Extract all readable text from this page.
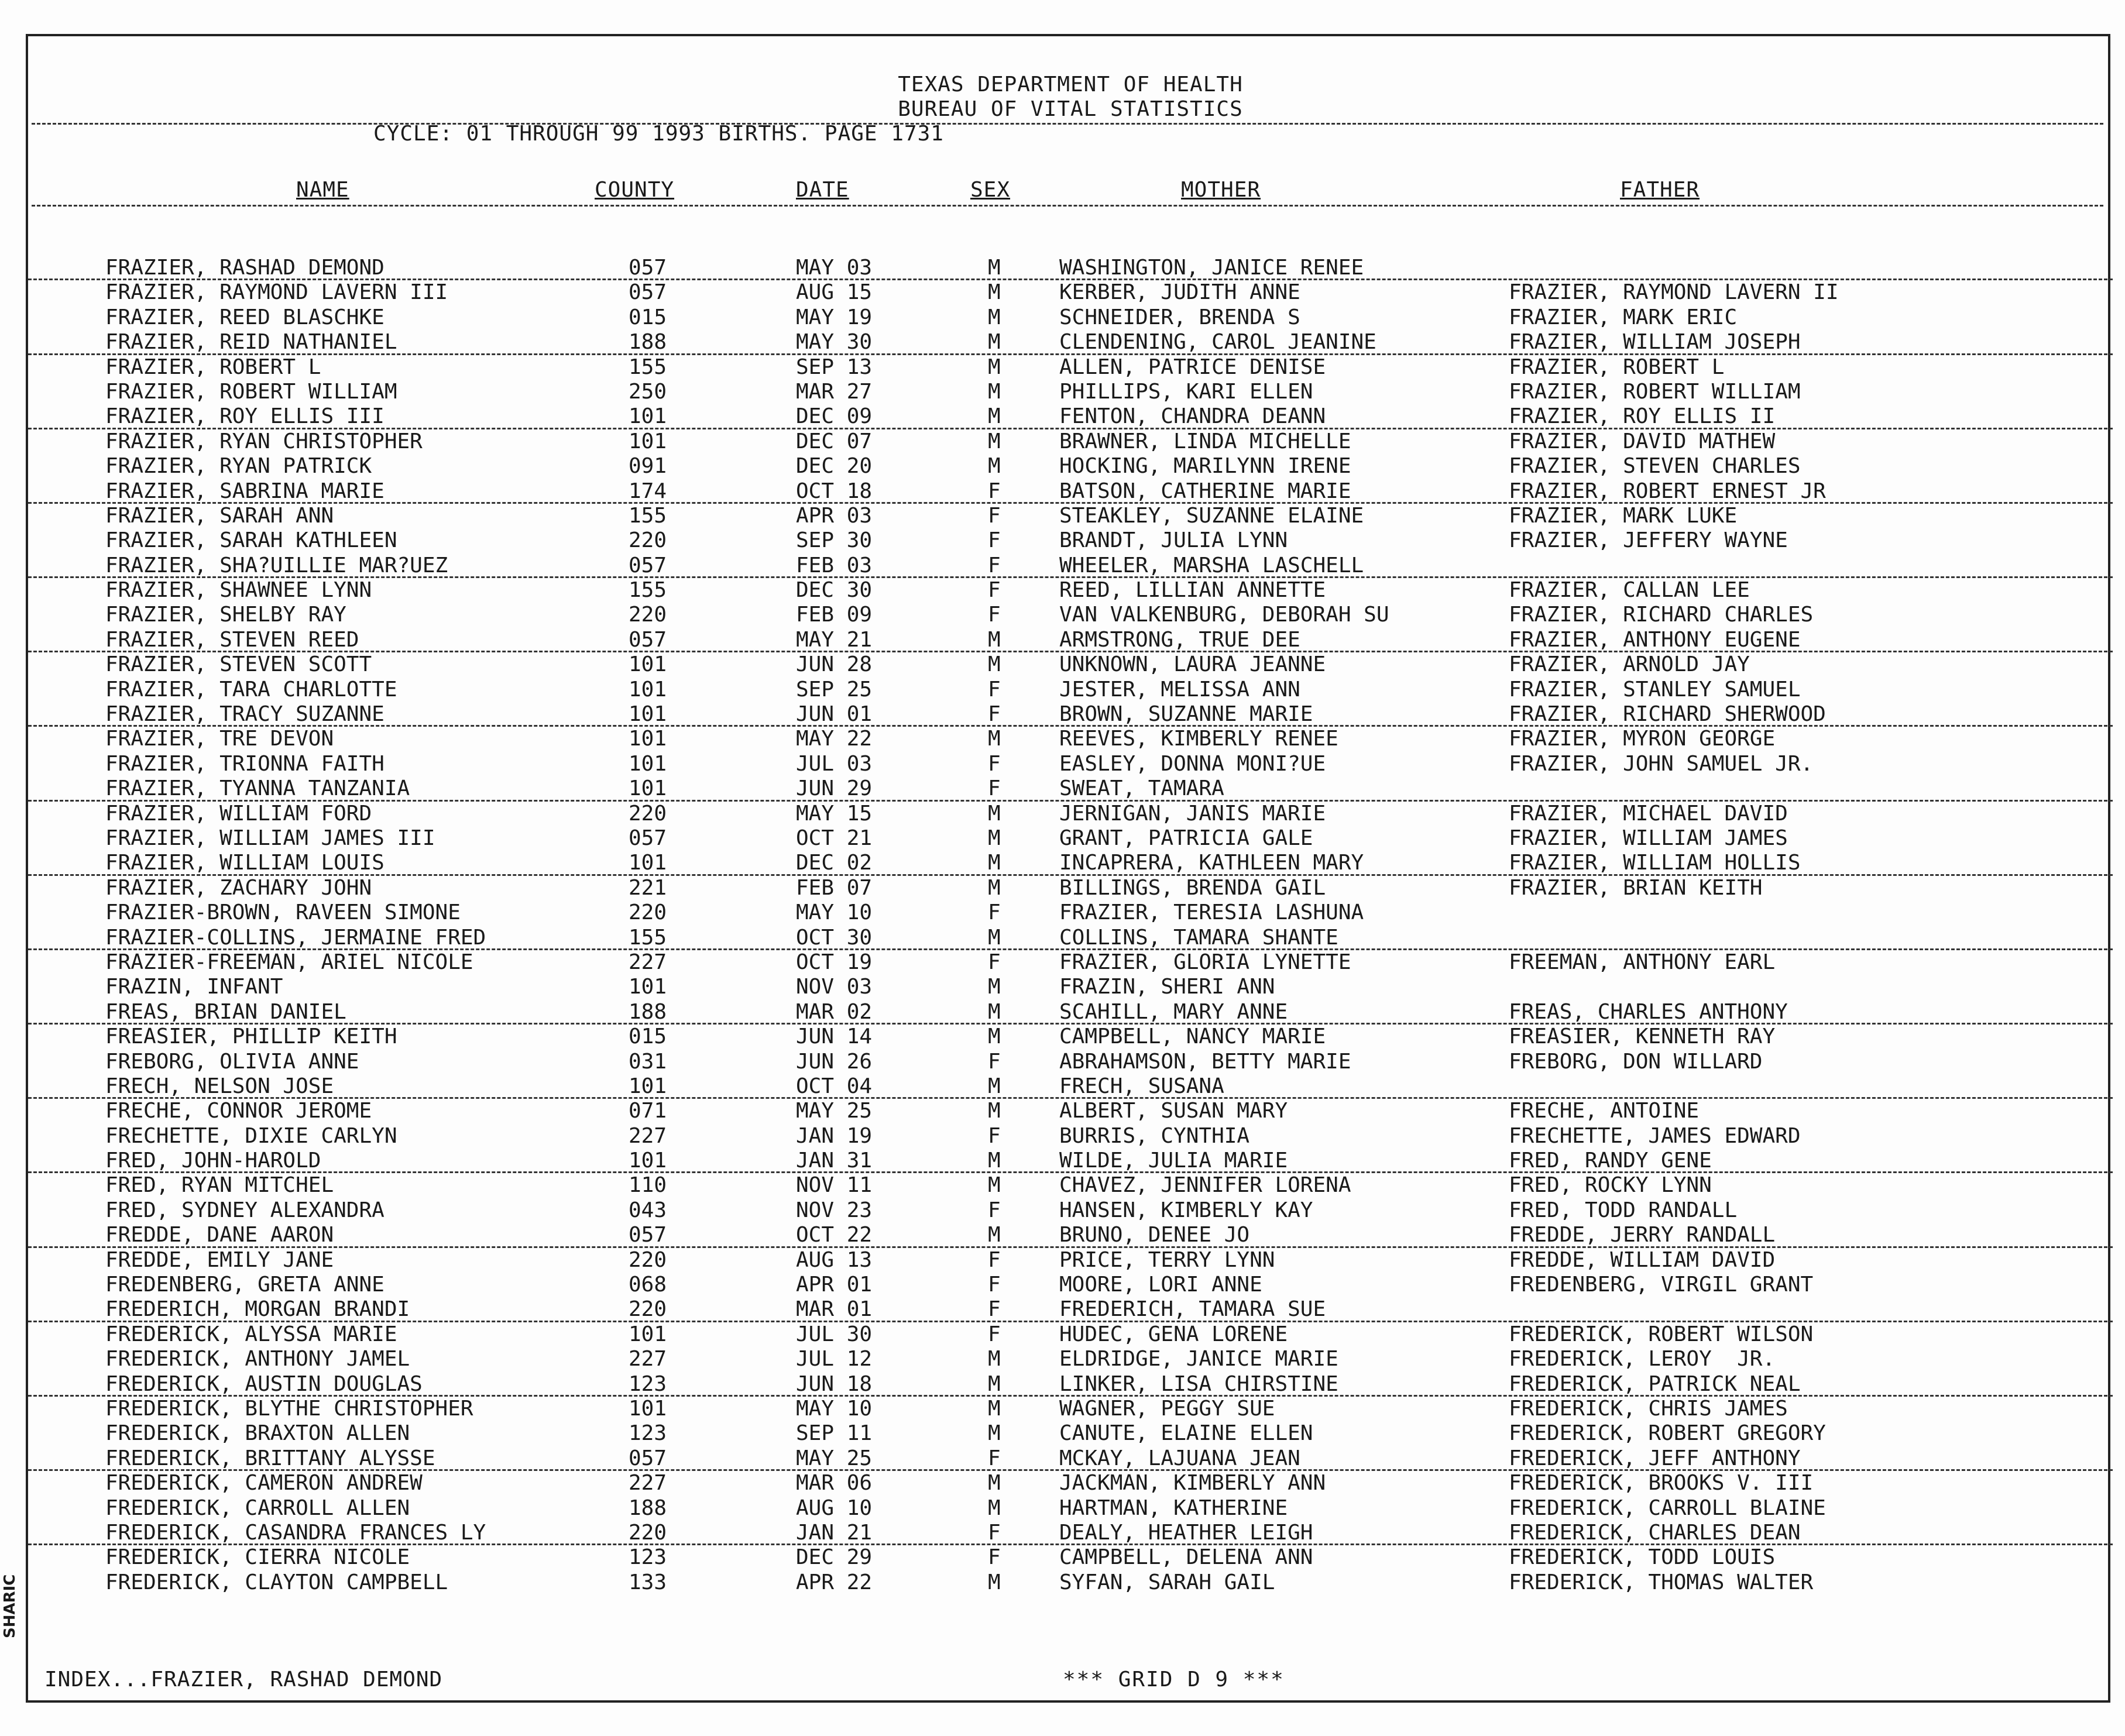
TEXAS DEPARTMENT OF HEALTH
BUREAU OF VITAL STATISTICS
CYCLE: 01 THROUGH 99 1993 BIRTHS. PAGE 1731
NAME	COUNTY	DATE	SEX	MOTHER	FATHER
FRAZIER, RASHAD DEMOND	057	MAY 03	M	WASHINGTON, JANICE RENEE
FRAZIER, RAYMOND LAVERN III	057	AUG 15	M	KERBER, JUDITH ANNE	FRAZIER, RAYMOND LAVERN II
FRAZIER, REED BLASCHKE	015	MAY 19	M	SCHNEIDER, BRENDA S	FRAZIER, MARK ERIC
FRAZIER, REID NATHANIEL	188	MAY 30	M	CLENDENING, CAROL JEANINE	FRAZIER, WILLIAM JOSEPH
FRAZIER, ROBERT L	155	SEP 13	M	ALLEN, PATRICE DENISE	FRAZIER, ROBERT L
FRAZIER, ROBERT WILLIAM	250	MAR 27	M	PHILLIPS, KARI ELLEN	FRAZIER, ROBERT WILLIAM
FRAZIER, ROY ELLIS III	101	DEC 09	M	FENTON, CHANDRA DEANN	FRAZIER, ROY ELLIS II
FRAZIER, RYAN CHRISTOPHER	101	DEC 07	M	BRAWNER, LINDA MICHELLE	FRAZIER, DAVID MATHEW
FRAZIER, RYAN PATRICK	091	DEC 20	M	HOCKING, MARILYNN IRENE	FRAZIER, STEVEN CHARLES
FRAZIER, SABRINA MARIE	174	OCT 18	F	BATSON, CATHERINE MARIE	FRAZIER, ROBERT ERNEST JR
FRAZIER, SARAH ANN	155	APR 03	F	STEAKLEY, SUZANNE ELAINE	FRAZIER, MARK LUKE
FRAZIER, SARAH KATHLEEN	220	SEP 30	F	BRANDT, JULIA LYNN	FRAZIER, JEFFERY WAYNE
FRAZIER, SHA?UILLIE MAR?UEZ	057	FEB 03	F	WHEELER, MARSHA LASCHELL
FRAZIER, SHAWNEE LYNN	155	DEC 30	F	REED, LILLIAN ANNETTE	FRAZIER, CALLAN LEE
FRAZIER, SHELBY RAY	220	FEB 09	F	VAN VALKENBURG, DEBORAH SU	FRAZIER, RICHARD CHARLES
FRAZIER, STEVEN REED	057	MAY 21	M	ARMSTRONG, TRUE DEE	FRAZIER, ANTHONY EUGENE
FRAZIER, STEVEN SCOTT	101	JUN 28	M	UNKNOWN, LAURA JEANNE	FRAZIER, ARNOLD JAY
FRAZIER, TARA CHARLOTTE	101	SEP 25	F	JESTER, MELISSA ANN	FRAZIER, STANLEY SAMUEL
FRAZIER, TRACY SUZANNE	101	JUN 01	F	BROWN, SUZANNE MARIE	FRAZIER, RICHARD SHERWOOD
FRAZIER, TRE DEVON	101	MAY 22	M	REEVES, KIMBERLY RENEE	FRAZIER, MYRON GEORGE
FRAZIER, TRIONNA FAITH	101	JUL 03	F	EASLEY, DONNA MONI?UE	FRAZIER, JOHN SAMUEL JR.
FRAZIER, TYANNA TANZANIA	101	JUN 29	F	SWEAT, TAMARA
FRAZIER, WILLIAM FORD	220	MAY 15	M	JERNIGAN, JANIS MARIE	FRAZIER, MICHAEL DAVID
FRAZIER, WILLIAM JAMES III	057	OCT 21	M	GRANT, PATRICIA GALE	FRAZIER, WILLIAM JAMES
FRAZIER, WILLIAM LOUIS	101	DEC 02	M	INCAPRERA, KATHLEEN MARY	FRAZIER, WILLIAM HOLLIS
FRAZIER, ZACHARY JOHN	221	FEB 07	M	BILLINGS, BRENDA GAIL	FRAZIER, BRIAN KEITH
FRAZIER-BROWN, RAVEEN SIMONE	220	MAY 10	F	FRAZIER, TERESIA LASHUNA
FRAZIER-COLLINS, JERMAINE FRED	155	OCT 30	M	COLLINS, TAMARA SHANTE
FRAZIER-FREEMAN, ARIEL NICOLE	227	OCT 19	F	FRAZIER, GLORIA LYNETTE	FREEMAN, ANTHONY EARL
FRAZIN, INFANT	101	NOV 03	M	FRAZIN, SHERI ANN
FREAS, BRIAN DANIEL	188	MAR 02	M	SCAHILL, MARY ANNE	FREAS, CHARLES ANTHONY
FREASIER, PHILLIP KEITH	015	JUN 14	M	CAMPBELL, NANCY MARIE	FREASIER, KENNETH RAY
FREBORG, OLIVIA ANNE	031	JUN 26	F	ABRAHAMSON, BETTY MARIE	FREBORG, DON WILLARD
FRECH, NELSON JOSE	101	OCT 04	M	FRECH, SUSANA
FRECHE, CONNOR JEROME	071	MAY 25	M	ALBERT, SUSAN MARY	FRECHE, ANTOINE
FRECHETTE, DIXIE CARLYN	227	JAN 19	F	BURRIS, CYNTHIA	FRECHETTE, JAMES EDWARD
FRED, JOHN-HAROLD	101	JAN 31	M	WILDE, JULIA MARIE	FRED, RANDY GENE
FRED, RYAN MITCHEL	110	NOV 11	M	CHAVEZ, JENNIFER LORENA	FRED, ROCKY LYNN
FRED, SYDNEY ALEXANDRA	043	NOV 23	F	HANSEN, KIMBERLY KAY	FRED, TODD RANDALL
FREDDE, DANE AARON	057	OCT 22	M	BRUNO, DENEE JO	FREDDE, JERRY RANDALL
FREDDE, EMILY JANE	220	AUG 13	F	PRICE, TERRY LYNN	FREDDE, WILLIAM DAVID
FREDENBERG, GRETA ANNE	068	APR 01	F	MOORE, LORI ANNE	FREDENBERG, VIRGIL GRANT
FREDERICH, MORGAN BRANDI	220	MAR 01	F	FREDERICH, TAMARA SUE
FREDERICK, ALYSSA MARIE	101	JUL 30	F	HUDEC, GENA LORENE	FREDERICK, ROBERT WILSON
FREDERICK, ANTHONY JAMEL	227	JUL 12	M	ELDRIDGE, JANICE MARIE	FREDERICK, LEROY  JR.
FREDERICK, AUSTIN DOUGLAS	123	JUN 18	M	LINKER, LISA CHIRSTINE	FREDERICK, PATRICK NEAL
FREDERICK, BLYTHE CHRISTOPHER	101	MAY 10	M	WAGNER, PEGGY SUE	FREDERICK, CHRIS JAMES
FREDERICK, BRAXTON ALLEN	123	SEP 11	M	CANUTE, ELAINE ELLEN	FREDERICK, ROBERT GREGORY
FREDERICK, BRITTANY ALYSSE	057	MAY 25	F	MCKAY, LAJUANA JEAN	FREDERICK, JEFF ANTHONY
FREDERICK, CAMERON ANDREW	227	MAR 06	M	JACKMAN, KIMBERLY ANN	FREDERICK, BROOKS V. III
FREDERICK, CARROLL ALLEN	188	AUG 10	M	HARTMAN, KATHERINE	FREDERICK, CARROLL BLAINE
FREDERICK, CASANDRA FRANCES LY	220	JAN 21	F	DEALY, HEATHER LEIGH	FREDERICK, CHARLES DEAN
FREDERICK, CIERRA NICOLE	123	DEC 29	F	CAMPBELL, DELENA ANN	FREDERICK, TODD LOUIS
FREDERICK, CLAYTON CAMPBELL	133	APR 22	M	SYFAN, SARAH GAIL	FREDERICK, THOMAS WALTER
INDEX...FRAZIER, RASHAD DEMOND	*** GRID D 9 ***
SHARIC
